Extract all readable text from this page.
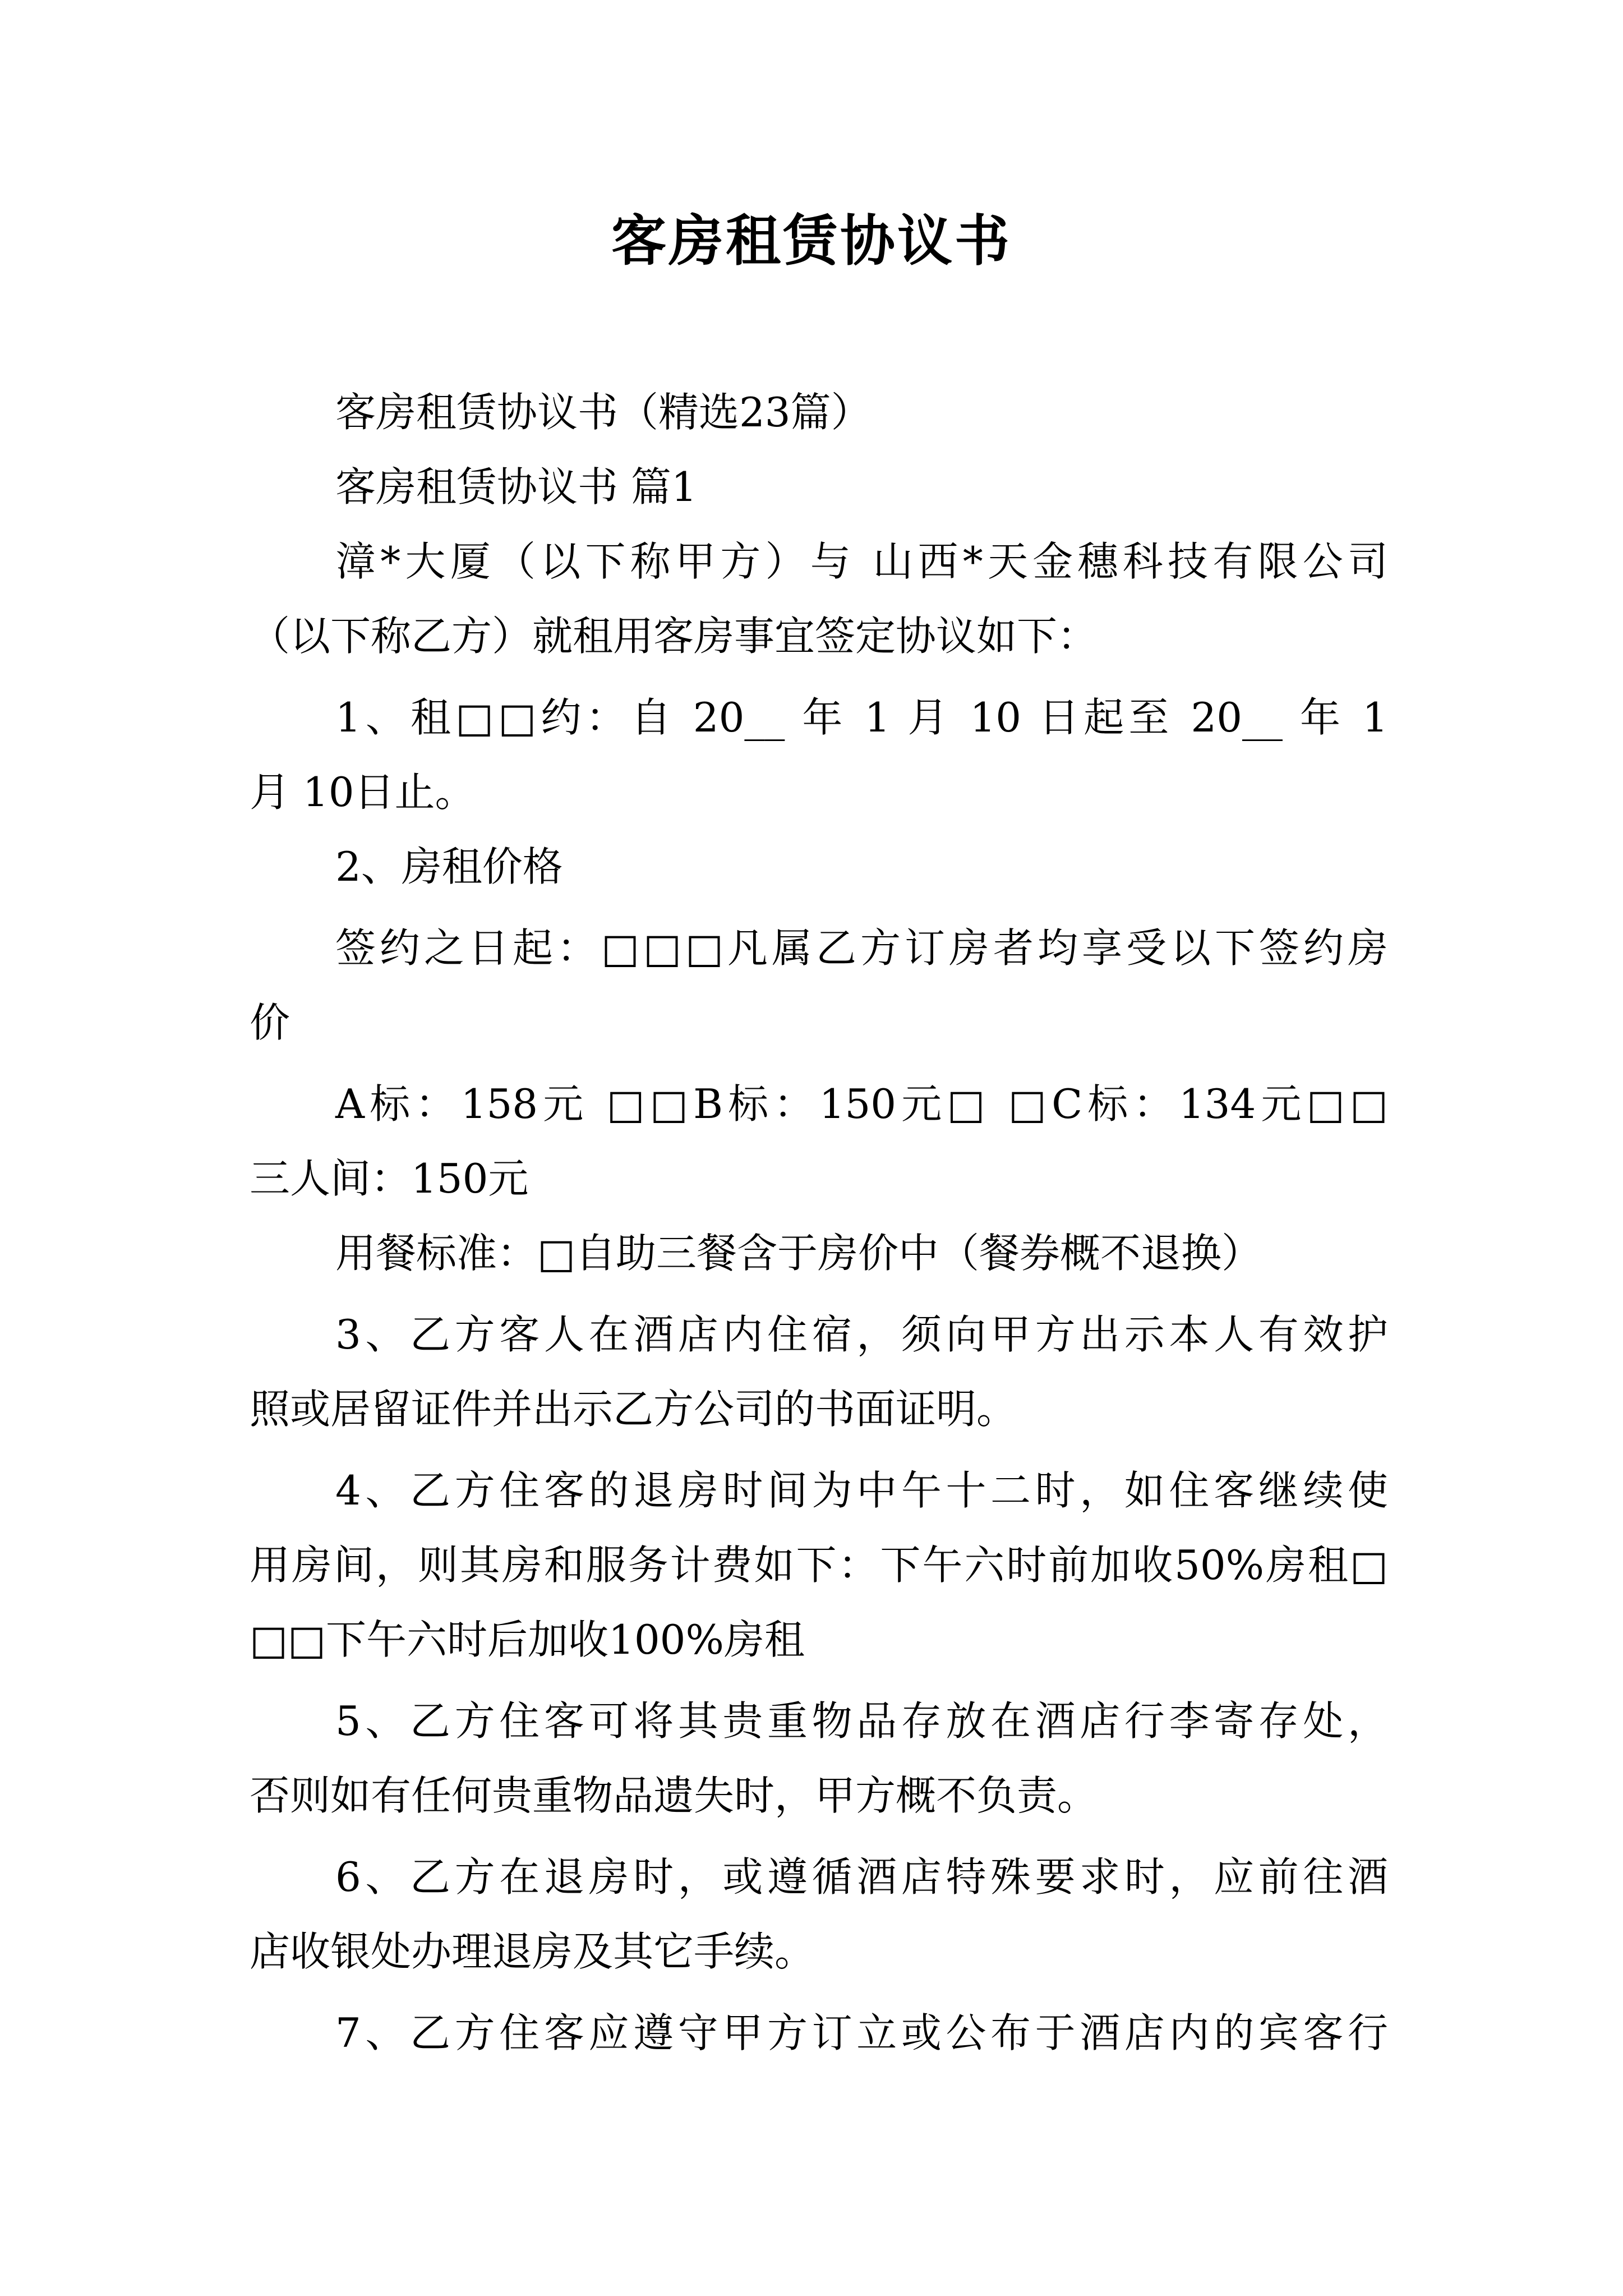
客房租赁协议书
客房租赁协议书（精选23篇）
客房租赁协议书 篇1
漳*大厦（以下称甲方）与 山西*天金穗科技有限公司
（以下称乙方）就租用客房事宜签定协议如下：
1、租□□约：自 20__ 年 1 月 10 日起至 20__ 年 1
月 10日止。
2、房租价格
签约之日起：□□□凡属乙方订房者均享受以下签约房
价
A标：158元 □□B标：150元□ □C标：134元□□
三人间：150元
用餐标准：□自助三餐含于房价中（餐券概不退换）
3、乙方客人在酒店内住宿，须向甲方出示本人有效护
照或居留证件并出示乙方公司的书面证明。
4、乙方住客的退房时间为中午十二时，如住客继续使
用房间，则其房和服务计费如下：下午六时前加收50%房租□
□□下午六时后加收100%房租
5、乙方住客可将其贵重物品存放在酒店行李寄存处，
否则如有任何贵重物品遗失时，甲方概不负责。
6、乙方在退房时，或遵循酒店特殊要求时，应前往酒
店收银处办理退房及其它手续。
7、乙方住客应遵守甲方订立或公布于酒店内的宾客行
